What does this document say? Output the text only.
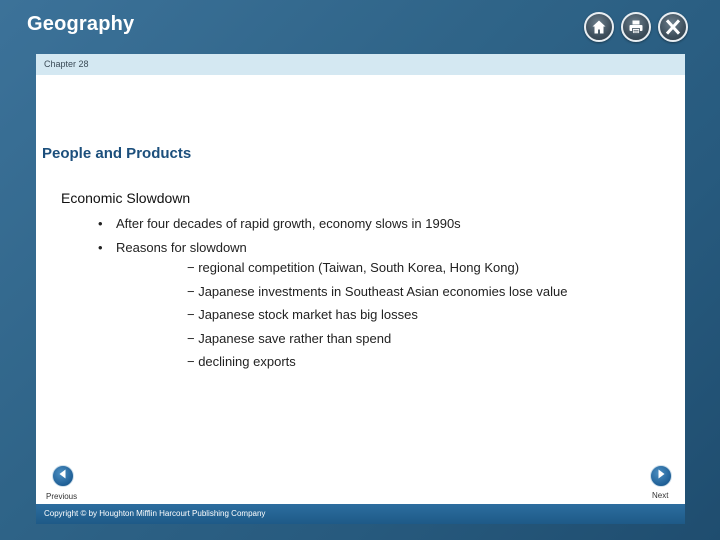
Geography
Chapter 28
People and Products
Economic Slowdown
• After four decades of rapid growth, economy slows in 1990s
• Reasons for slowdown
− regional competition (Taiwan, South Korea, Hong Kong)
− Japanese investments in Southeast Asian economies lose value
− Japanese stock market has big losses
− Japanese save rather than spend
− declining exports
Previous	Next
Copyright © by Houghton Mifflin Harcourt Publishing Company
